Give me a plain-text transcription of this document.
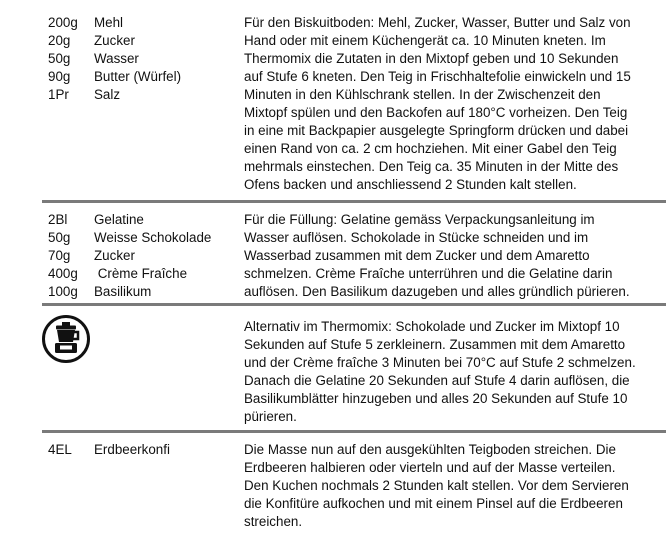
200g	Mehl
20g	Zucker
50g	Wasser
90g	Butter (Würfel)
1Pr	Salz
Für den Biskuitboden: Mehl, Zucker, Wasser, Butter und Salz von
Hand oder mit einem Küchengerät ca. 10 Minuten kneten. Im
Thermomix die Zutaten in den Mixtopf geben und 10 Sekunden
auf Stufe 6 kneten. Den Teig in Frischhaltefolie einwickeln und 15
Minuten in den Kühlschrank stellen. In der Zwischenzeit den
Mixtopf spülen und den Backofen auf 180°C vorheizen. Den Teig
in eine mit Backpapier ausgelegte Springform drücken und dabei
einen Rand von ca. 2 cm hochziehen. Mit einer Gabel den Teig
mehrmals einstechen. Den Teig ca. 35 Minuten in der Mitte des
Ofens backen und anschliessend 2 Stunden kalt stellen.
2Bl	Gelatine
50g	Weisse Schokolade
70g	Zucker
400g	Crème Fraîche
100g	Basilikum
Für die Füllung: Gelatine gemäss Verpackungsanleitung im
Wasser auflösen. Schokolade in Stücke schneiden und im
Wasserbad zusammen mit dem Zucker und dem Amaretto
schmelzen. Crème Fraîche unterrühren und die Gelatine darin
auflösen. Den Basilikum dazugeben und alles gründlich pürieren.
Alternativ im Thermomix: Schokolade und Zucker im Mixtopf 10
Sekunden auf Stufe 5 zerkleinern. Zusammen mit dem Amaretto
und der Crème fraîche 3 Minuten bei 70°C auf Stufe 2 schmelzen.
Danach die Gelatine 20 Sekunden auf Stufe 4 darin auflösen, die
Basilikumblätter hinzugeben und alles 20 Sekunden auf Stufe 10
pürieren.
4EL	Erdbeerkonfi	Die Masse nun auf den ausgekühlten Teigboden streichen. Die
Erdbeeren halbieren oder vierteln und auf der Masse verteilen.
Den Kuchen nochmals 2 Stunden kalt stellen. Vor dem Servieren
die Konfitüre aufkochen und mit einem Pinsel auf die Erdbeeren
streichen.
